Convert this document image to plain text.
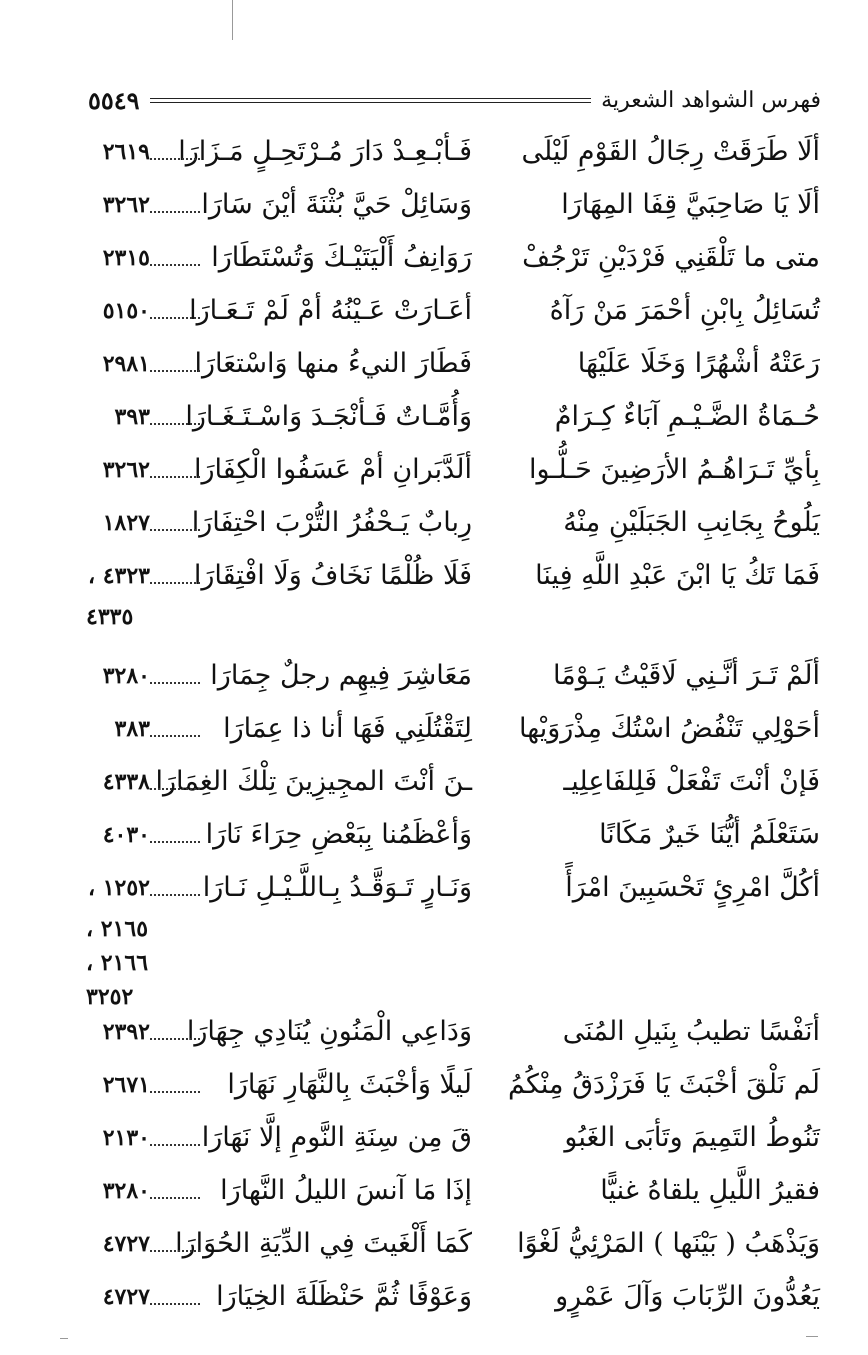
فهرس الشواهد الشعرية
٥٥٤٩
ألَا طَرَقَتْ رِجَالُ القَوْمِ لَيْلَى
فَـأبْـعِـدْ دَارَ مُـرْتَحِـلٍ مَـزَارَا
٢٦١٩
ألَا يَا صَاحِبَيَّ قِفَا المِهَارَا
وَسَائِلْ حَيَّ بُثْنَةَ أيْنَ سَارَا
٣٢٦٢
متى ما تَلْقَنِي فَرْدَيْنِ تَرْجُفْ
رَوَانِفُ أَلْيَتَيْـكَ وَتُسْتَطَارَا
٢٣١٥
تُسَائِلُ بِابْنِ أحْمَرَ مَنْ رَآهُ
أعَـارَتْ عَـيْنُهُ أمْ لَمْ تَـعَـارَا
٥١٥٠
رَعَتْهُ أشْهُرًا وَخَلَا عَلَيْهَا
فَطَارَ النيءُ منها وَاسْتعَارَا
٢٩٨١
حُـمَاةُ الضَّـيْـمِ آبَاءٌ كِـرَامٌ
وَأُمَّـاتٌ فَـأنْجَـدَ وَاسْـتَـغَـارَا
٣٩٣
بِأيِّ تَـرَاهُـمُ الأرَضِينَ حَـلُّـوا
ألَدَّبَرانِ أمْ عَسَفُوا الْكِفَارَا
٣٢٦٢
يَلُوحُ بِجَانِبِ الجَبَلَيْنِ مِنْهُ
رِبابٌ يَـحْفُرُ التُّرْبَ احْتِفَارَا
١٨٢٧
فَمَا تَكُ يَا ابْنَ عَبْدِ اللَّهِ فِينَا
فَلَا ظُلْمًا نَخَافُ وَلَا افْتِقَارَا
٤٣٢٣ ،
٤٣٣٥
ألَمْ تَـرَ أنَّـنِي لَاقَيْتُ يَـوْمًا
مَعَاشِرَ فِيهِم رجلٌ جِمَارَا
٣٢٨٠
أحَوْلِي تَنْفُضُ اسْتُكَ مِذْرَوَيْها
لِتَقْتُلَنِي فَهَا أنا ذا عِمَارَا
٣٨٣
فَإنْ أنْتَ تَفْعَلْ فَلِلفَاعِلِيـ
ـنَ أنْتَ المجِيزِينَ تِلْكَ الغِمَارَا
٤٣٣٨
سَتَعْلَمُ أيُّنَا خَيرٌ مَكَانًا
وَأعْظَمُنا بِبَعْضِ حِرَاءَ نَارَا
٤٠٣٠
أكُلَّ امْرِئٍ تَحْسَبِينَ امْرَأً
وَنَـارٍ تَـوَقَّـدُ بِـاللَّـيْـلِ نَـارَا
١٢٥٢ ،
٢١٦٥ ،
٢١٦٦ ،
٣٢٥٢
أنَفْسًا تطيبُ بِنَيلِ المُنَى
وَدَاعِي الْمَنُونِ يُنَادِي جِهَارَا
٢٣٩٢
لَم نَلْقَ أخْبَثَ يَا فَرَزْدَقُ مِنْكُمُ
لَيلًا وَأخْبَثَ بِالنَّهَارِ نَهَارَا
٢٦٧١
تَنُوطُ التَمِيمَ وتَأبَى الغَبُو
قَ مِن سِنَةِ النَّومِ إلَّا نَهَارَا
٢١٣٠
فقيرُ اللَّيلِ يلقاهُ غنيًّا
إذَا مَا آنسَ الليلُ النَّهارَا
٣٢٨٠
وَيَذْهَبُ ( بَيْنَها ) المَرْئِيُّ لَغْوًا
كَمَا أَلْغَيتَ فِي الدِّيَةِ الحُوَارَا
٤٧٢٧
يَعُدُّونَ الرِّبَابَ وَآلَ عَمْرٍو
وَعَوْفًا ثُمَّ حَنْظَلَةَ الخِيَارَا
٤٧٢٧
